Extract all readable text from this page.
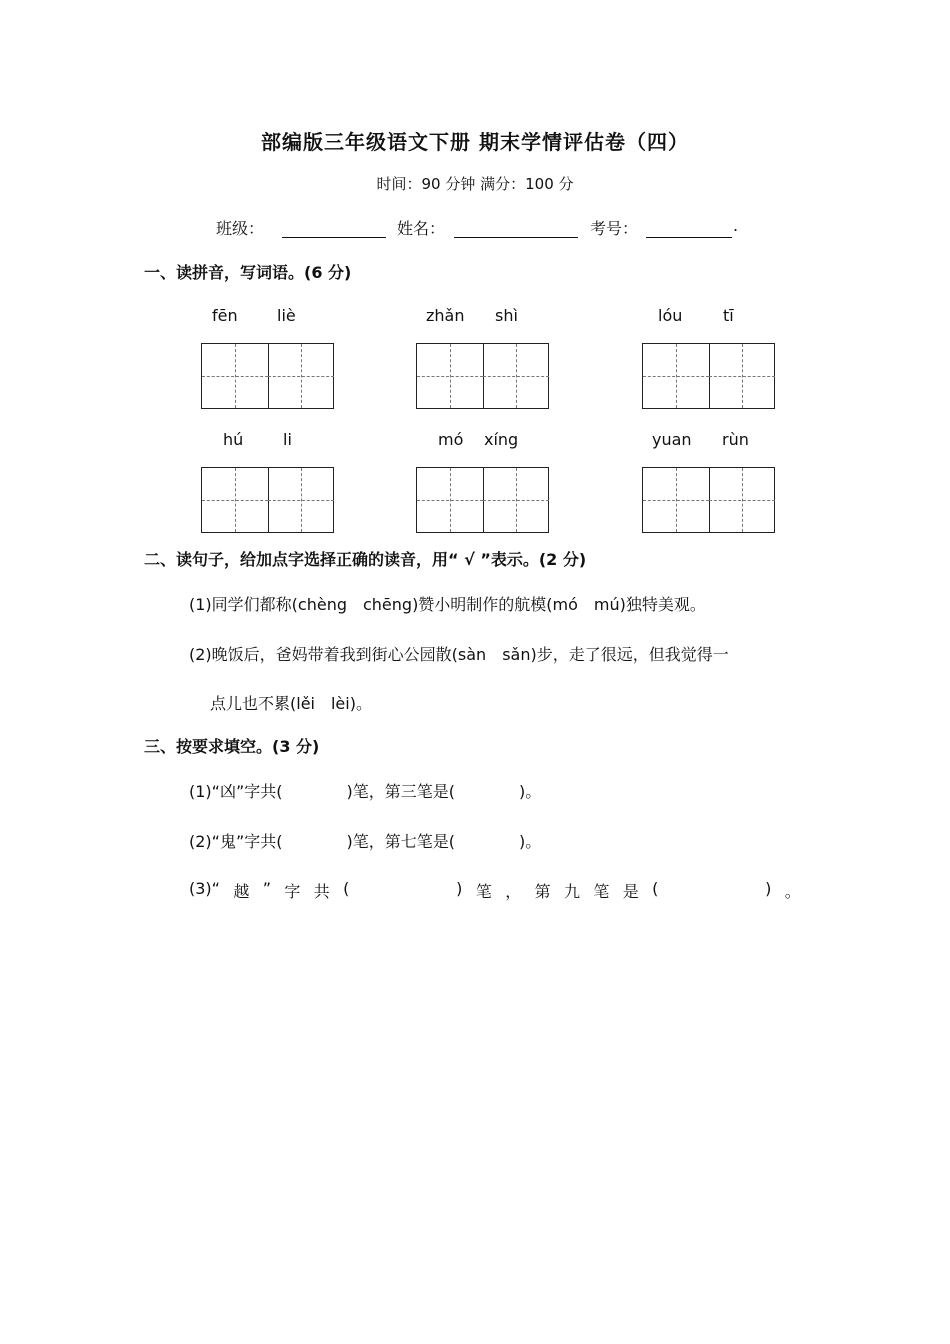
部编版三年级语文下册 期末学情评估卷（四）
时间：90 分钟 满分：100 分
班级：	姓名：	考号：	.
一、读拼音，写词语。(6 分)
fēn liè	zhǎn shì	lóu	tī
hú li	mó xíng	yuan rùn
二、读句子，给加点字选择正确的读音，用“ √ ”表示。(2 分)
(1)同学们都称(chèng　chēng)赞小明制作的航模(mó　mú)独特美观。
(2)晚饭后，爸妈带着我到街心公园散(sàn　sǎn)步，走了很远，但我觉得一
点儿也不累(lěi　lèi)。
三、按要求填空。(3 分)
(1)“凶”字共(　　　　)笔，第三笔是(　　　　)。
(2)“鬼”字共(　　　　)笔，第七笔是(　　　　)。
(3)“ 越 ” 字 共 (	) 笔 ， 第 九 笔 是 (	) 。
